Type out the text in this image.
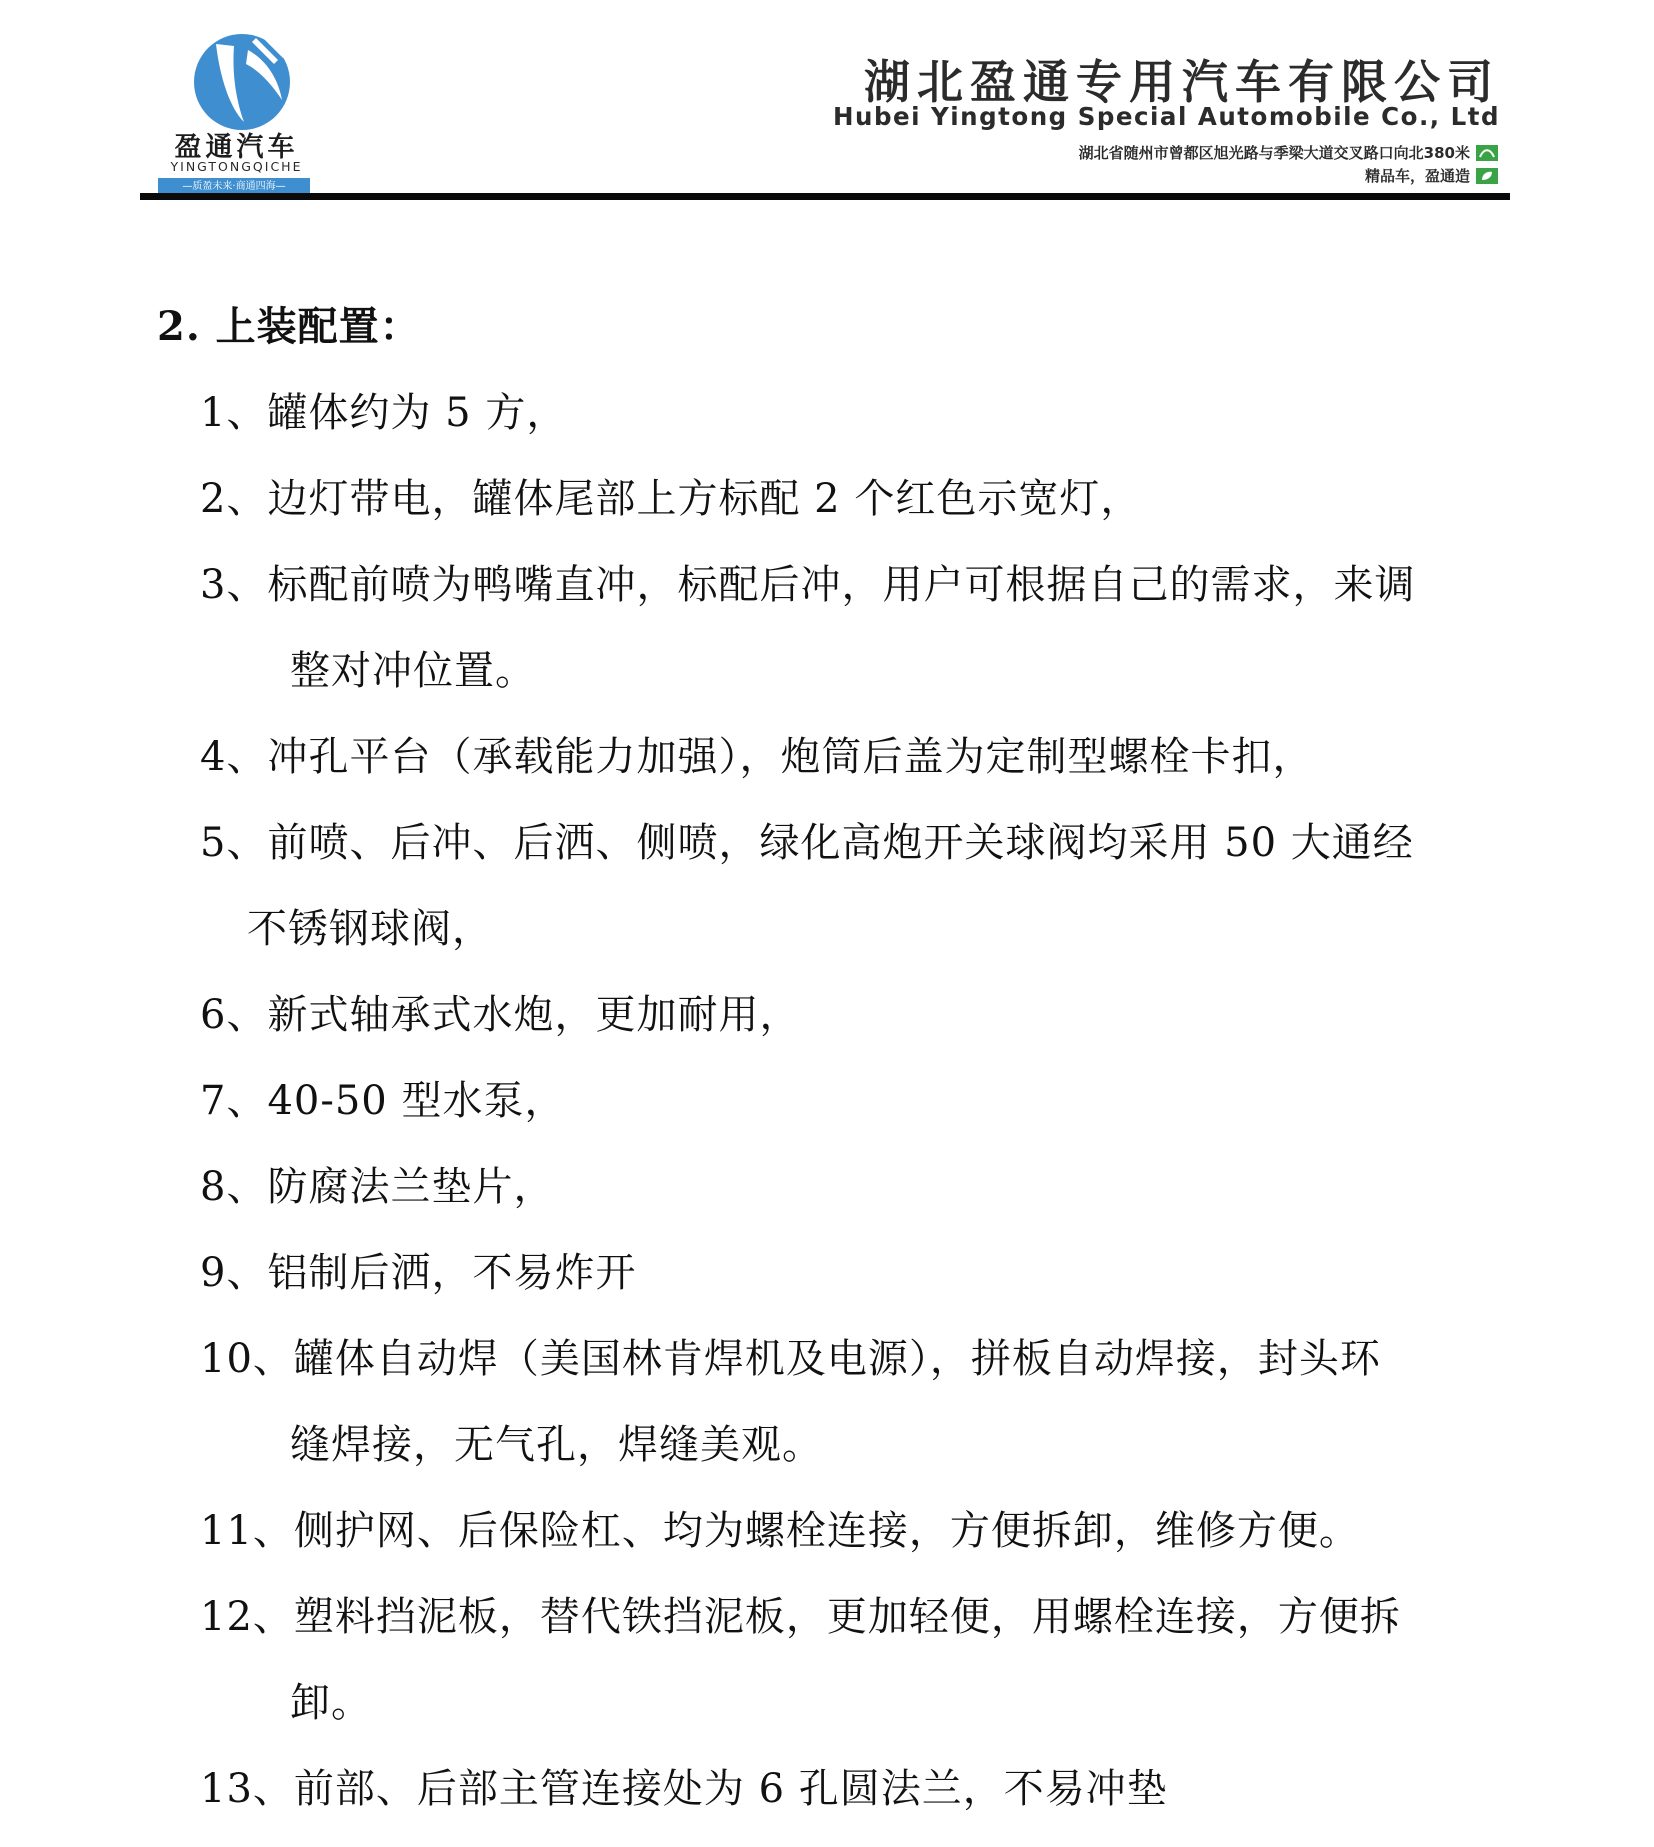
盈通汽车
YINGTONGQICHE
—质盈未来·商通四海—
湖北盈通专用汽车有限公司
Hubei Yingtong Special Automobile Co., Ltd
湖北省随州市曾都区旭光路与季梁大道交叉路口向北380米
精品车，盈通造
2. 上装配置：
1、罐体约为 5 方，
2、边灯带电，罐体尾部上方标配 2 个红色示宽灯，
3、标配前喷为鸭嘴直冲，标配后冲，用户可根据自己的需求，来调
整对冲位置。
4、冲孔平台（承载能力加强），炮筒后盖为定制型螺栓卡扣，
5、前喷、后冲、后洒、侧喷，绿化高炮开关球阀均采用 50 大通经
不锈钢球阀，
6、新式轴承式水炮，更加耐用，
7、40-50 型水泵，
8、防腐法兰垫片，
9、铝制后洒，不易炸开
10、罐体自动焊（美国林肯焊机及电源），拼板自动焊接，封头环
缝焊接，无气孔，焊缝美观。
11、侧护网、后保险杠、均为螺栓连接，方便拆卸，维修方便。
12、塑料挡泥板，替代铁挡泥板，更加轻便，用螺栓连接，方便拆
卸。
13、前部、后部主管连接处为 6 孔圆法兰，不易冲垫
